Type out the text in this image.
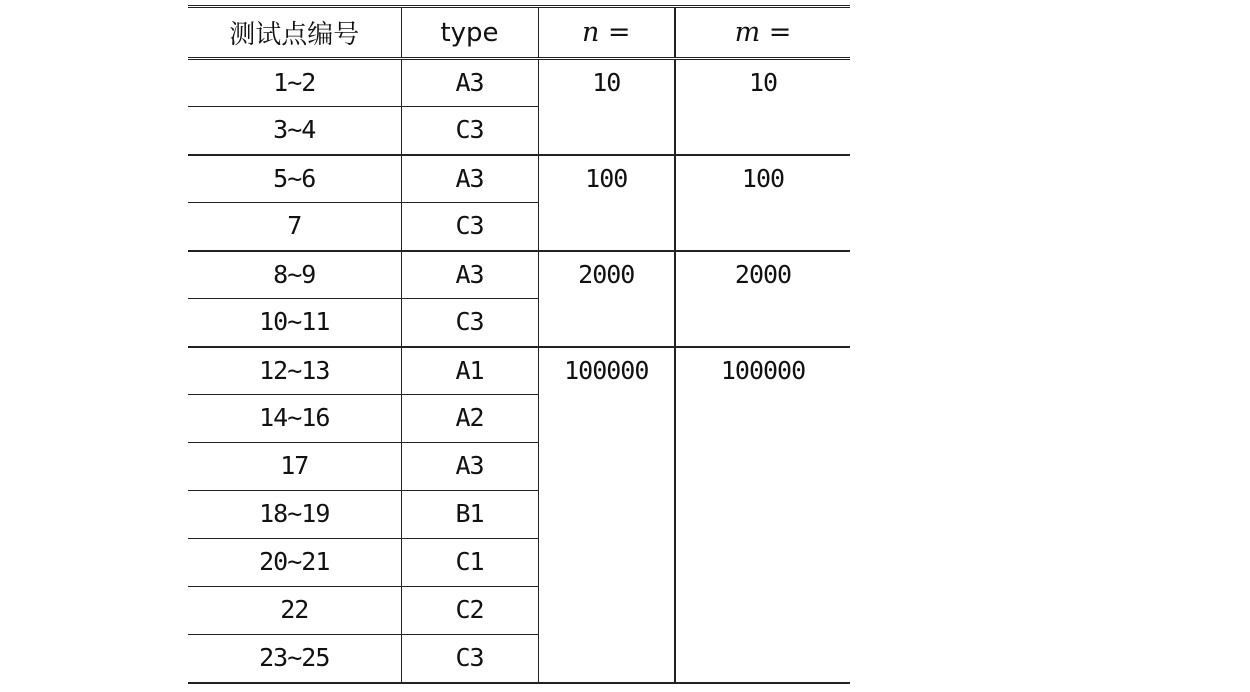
测试点编号	type	n =	m =
1~2	A3	10	10
3~4	C3		
5~6	A3	100	100
7	C3		
8~9	A3	2000	2000
10~11	C3		
12~13	A1	100000	100000
14~16	A2		
17	A3		
18~19	B1		
20~21	C1		
22	C2		
23~25	C3		
